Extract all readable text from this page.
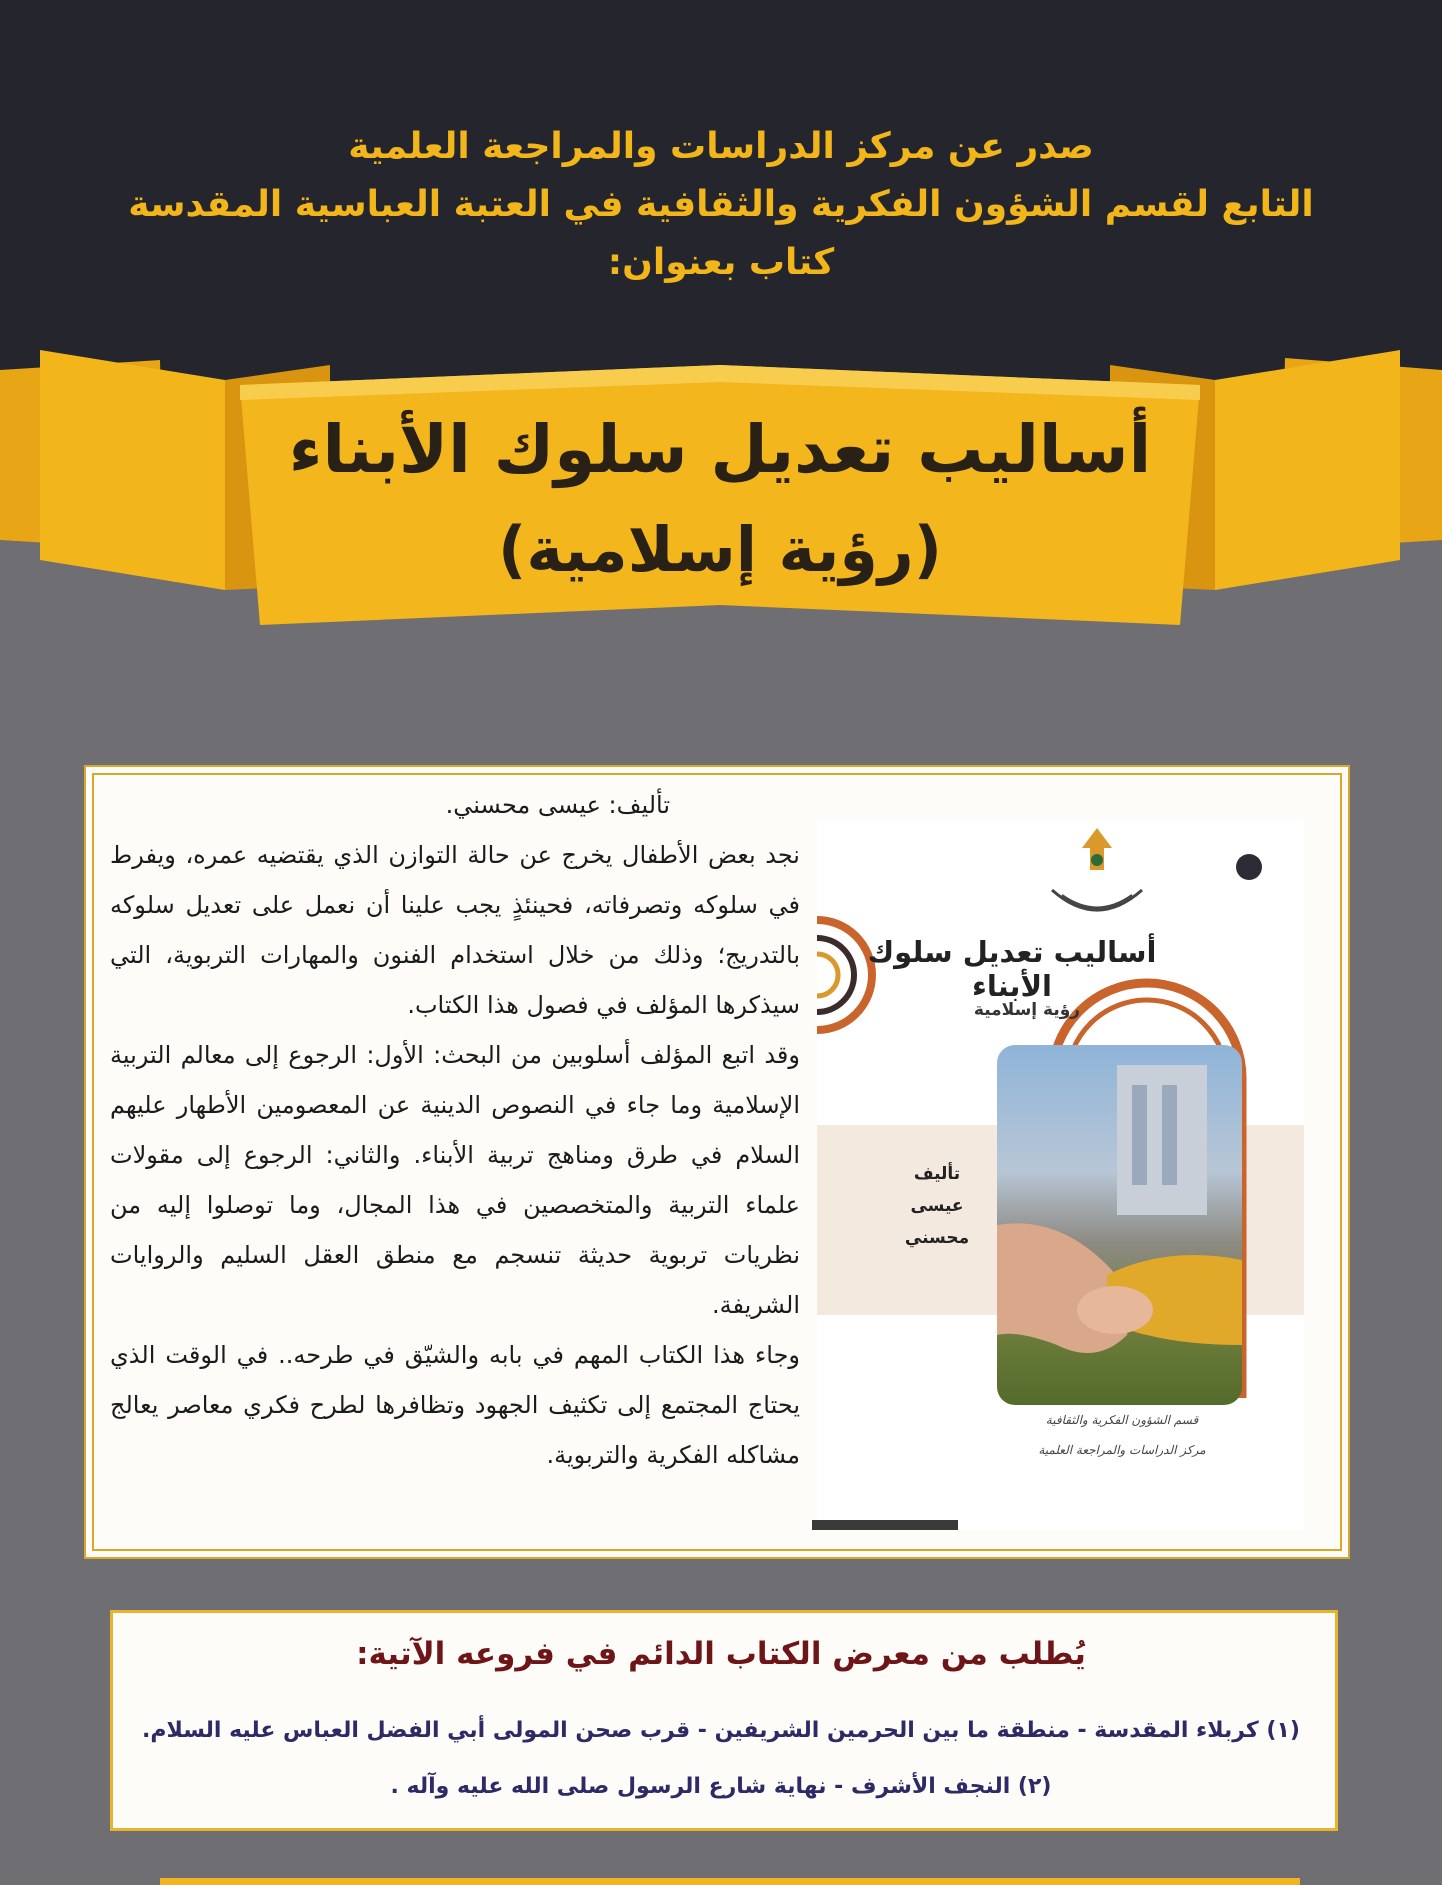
صدر عن مركز الدراسات والمراجعة العلمية
التابع لقسم الشؤون الفكرية والثقافية في العتبة العباسية المقدسة
كتاب بعنوان:
أساليب تعديل سلوك الأبناء
(رؤية إسلامية)

تأليف: عيسى محسني.

نجد بعض الأطفال يخرج عن حالة التوازن الذي يقتضيه عمره، ويفرط في سلوكه وتصرفاته، فحينئذٍ يجب علينا أن نعمل على تعديل سلوكه بالتدريج؛ وذلك من خلال استخدام الفنون والمهارات التربوية، التي سيذكرها المؤلف في فصول هذا الكتاب.

وقد اتبع المؤلف أسلوبين من البحث: الأول: الرجوع إلى معالم التربية الإسلامية وما جاء في النصوص الدينية عن المعصومين الأطهار عليهم السلام في طرق ومناهج تربية الأبناء. والثاني: الرجوع إلى مقولات علماء التربية والمتخصصين في هذا المجال، وما توصلوا إليه من نظريات تربوية حديثة تنسجم مع منطق العقل السليم والروايات الشريفة.

وجاء هذا الكتاب المهم في بابه والشيّق في طرحه.. في الوقت الذي يحتاج المجتمع إلى تكثيف الجهود وتظافرها لطرح فكري معاصر يعالج مشاكله الفكرية والتربوية.

أساليب تعديل سلوك الأبناء
رؤية إسلامية
تأليف
عيسى محسني
قسم الشؤون الفكرية والثقافية
مركز الدراسات والمراجعة العلمية
يُطلب من معرض الكتاب الدائم في فروعه الآتية:
(١) كربلاء المقدسة - منطقة ما بين الحرمين الشريفين - قرب صحن المولى أبي الفضل العباس عليه السلام.
(٢) النجف الأشرف - نهاية شارع الرسول صلى الله عليه وآله .
